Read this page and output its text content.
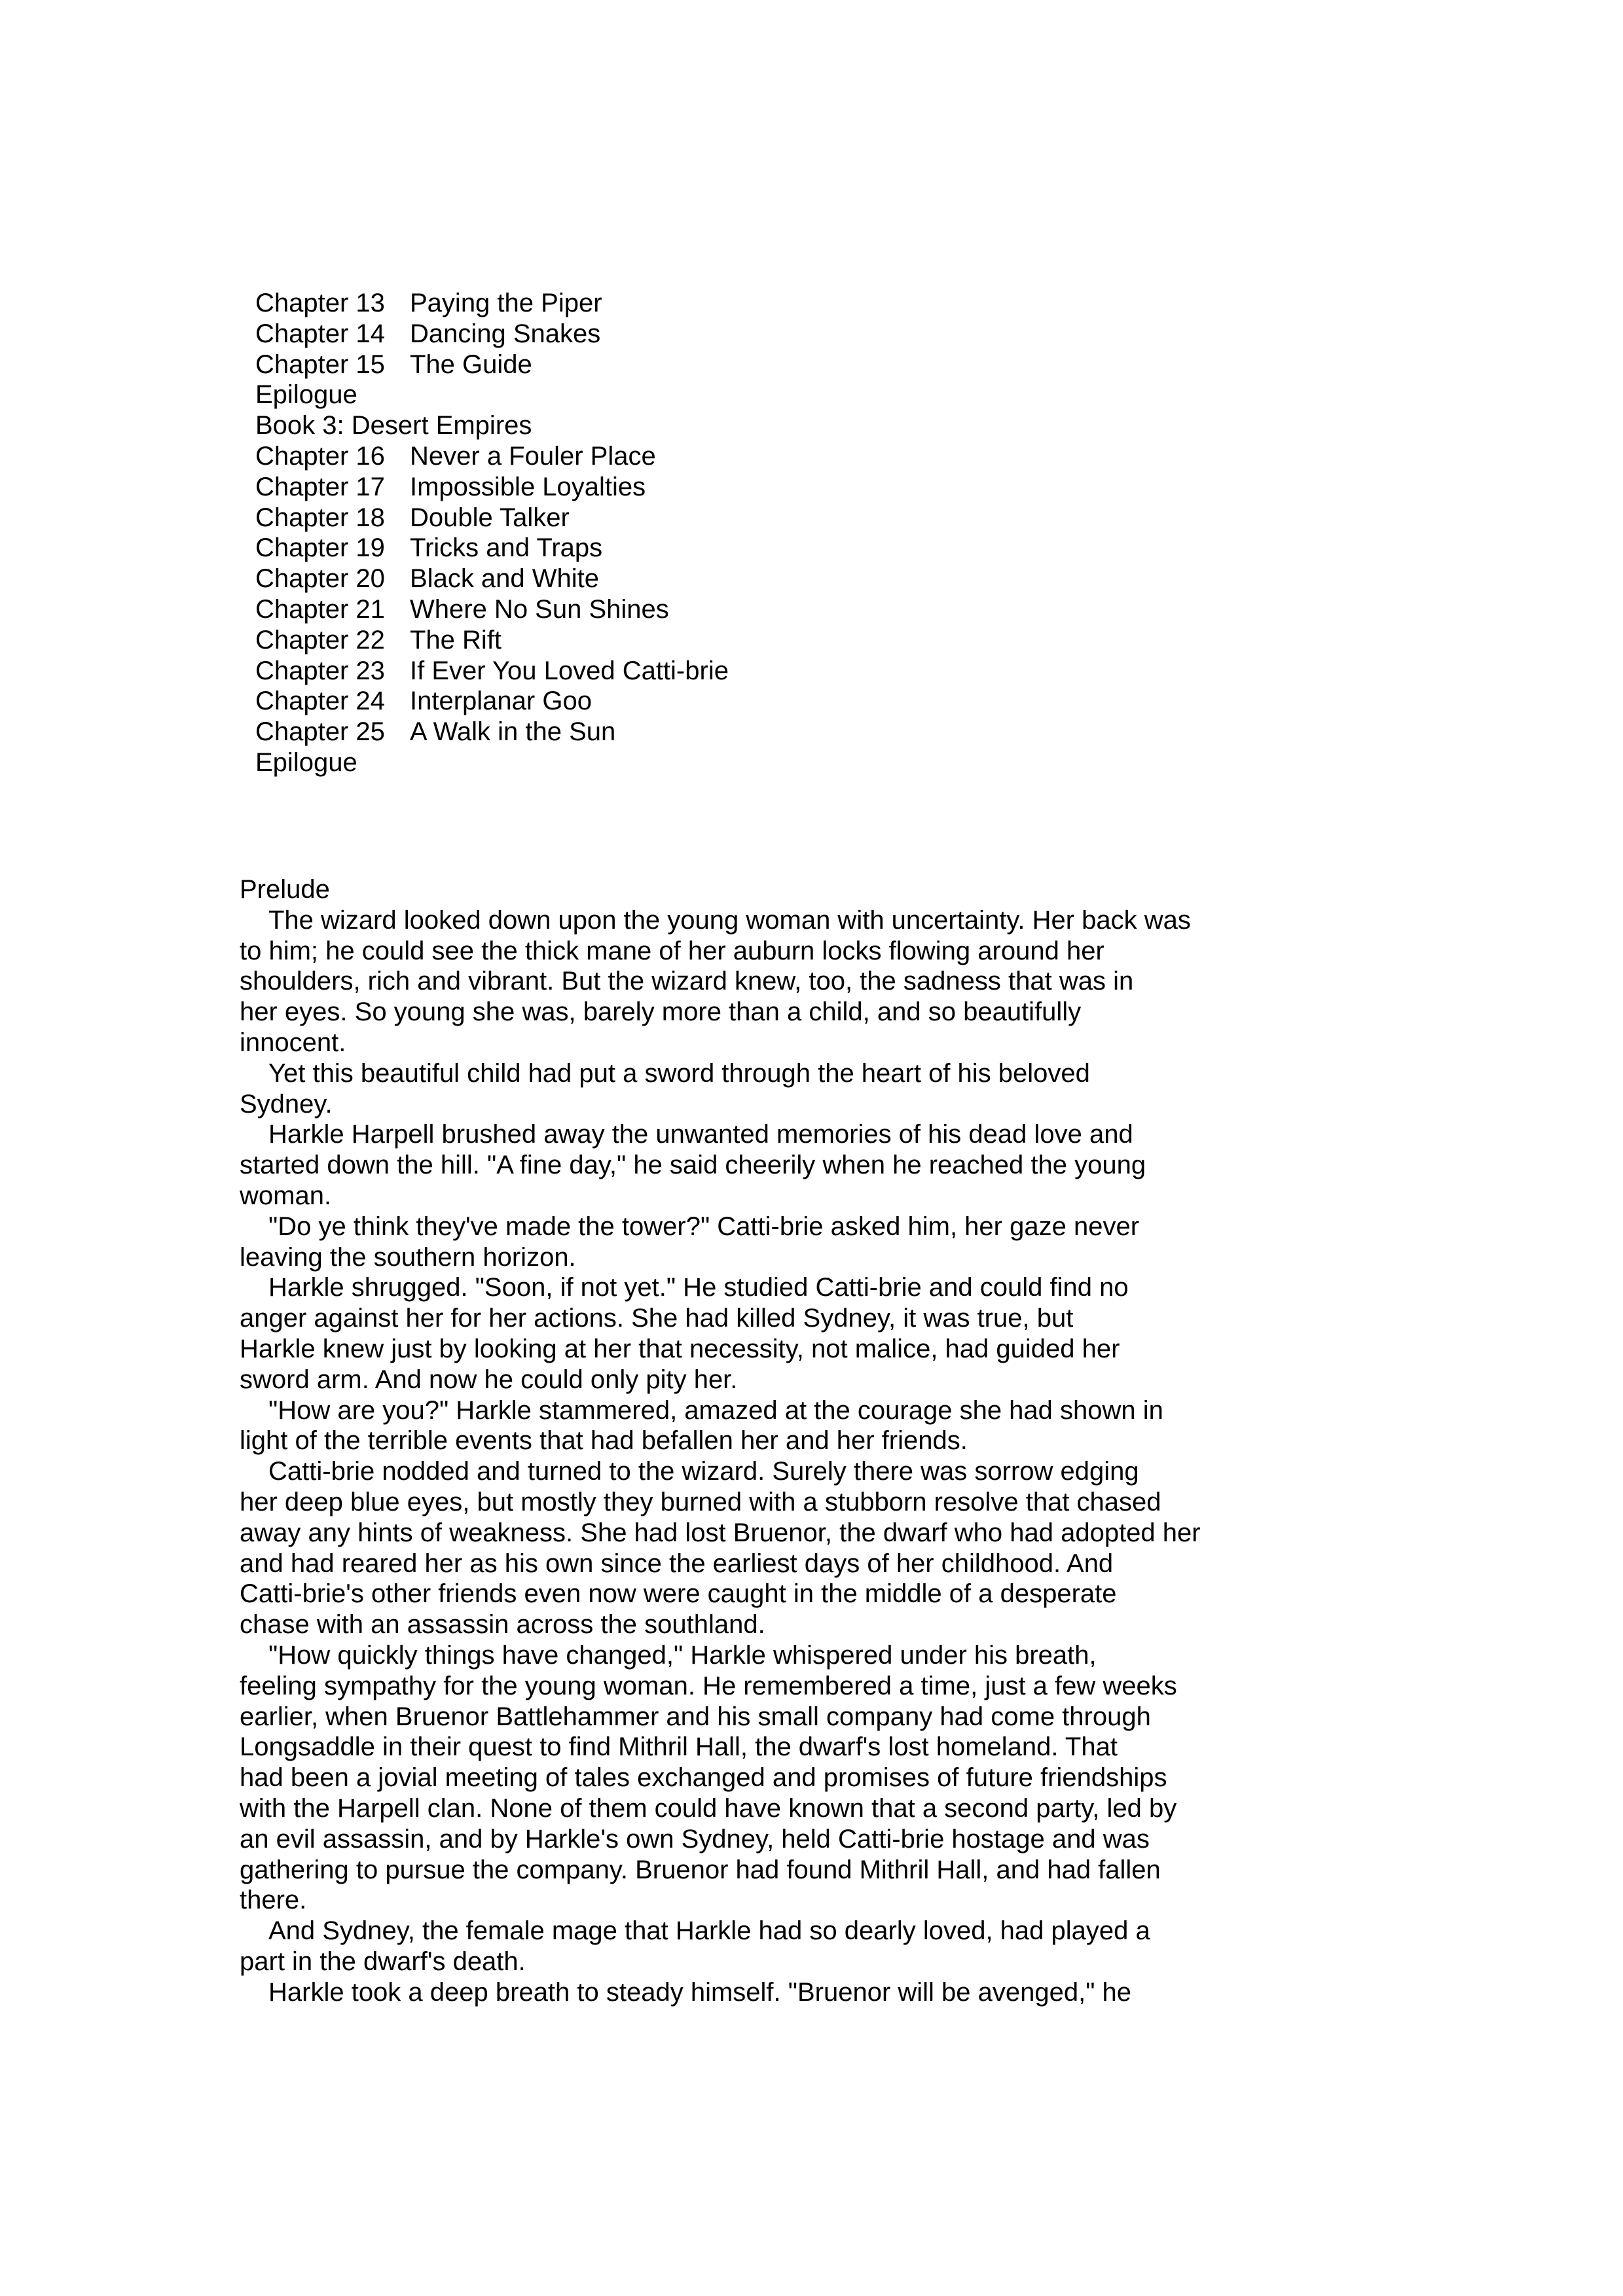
Chapter 13 Paying the Piper
Chapter 14 Dancing Snakes
Chapter 15 The Guide
Epilogue
Book 3: Desert Empires
Chapter 16 Never a Fouler Place
Chapter 17 Impossible Loyalties
Chapter 18 Double Talker
Chapter 19 Tricks and Traps
Chapter 20 Black and White
Chapter 21 Where No Sun Shines
Chapter 22 The Rift
Chapter 23 If Ever You Loved Catti-brie
Chapter 24 Interplanar Goo
Chapter 25 A Walk in the Sun
Epilogue
Prelude
The wizard looked down upon the young woman with uncertainty. Her back was
to him; he could see the thick mane of her auburn locks flowing around her
shoulders, rich and vibrant. But the wizard knew, too, the sadness that was in
her eyes. So young she was, barely more than a child, and so beautifully
innocent.
Yet this beautiful child had put a sword through the heart of his beloved
Sydney.
Harkle Harpell brushed away the unwanted memories of his dead love and
started down the hill. "A fine day," he said cheerily when he reached the young
woman.
"Do ye think they've made the tower?" Catti-brie asked him, her gaze never
leaving the southern horizon.
Harkle shrugged. "Soon, if not yet." He studied Catti-brie and could find no
anger against her for her actions. She had killed Sydney, it was true, but
Harkle knew just by looking at her that necessity, not malice, had guided her
sword arm. And now he could only pity her.
"How are you?" Harkle stammered, amazed at the courage she had shown in
light of the terrible events that had befallen her and her friends.
Catti-brie nodded and turned to the wizard. Surely there was sorrow edging
her deep blue eyes, but mostly they burned with a stubborn resolve that chased
away any hints of weakness. She had lost Bruenor, the dwarf who had adopted her
and had reared her as his own since the earliest days of her childhood. And
Catti-brie's other friends even now were caught in the middle of a desperate
chase with an assassin across the southland.
"How quickly things have changed," Harkle whispered under his breath,
feeling sympathy for the young woman. He remembered a time, just a few weeks
earlier, when Bruenor Battlehammer and his small company had come through
Longsaddle in their quest to find Mithril Hall, the dwarf's lost homeland. That
had been a jovial meeting of tales exchanged and promises of future friendships
with the Harpell clan. None of them could have known that a second party, led by
an evil assassin, and by Harkle's own Sydney, held Catti-brie hostage and was
gathering to pursue the company. Bruenor had found Mithril Hall, and had fallen
there.
And Sydney, the female mage that Harkle had so dearly loved, had played a
part in the dwarf's death.
Harkle took a deep breath to steady himself. "Bruenor will be avenged," he
